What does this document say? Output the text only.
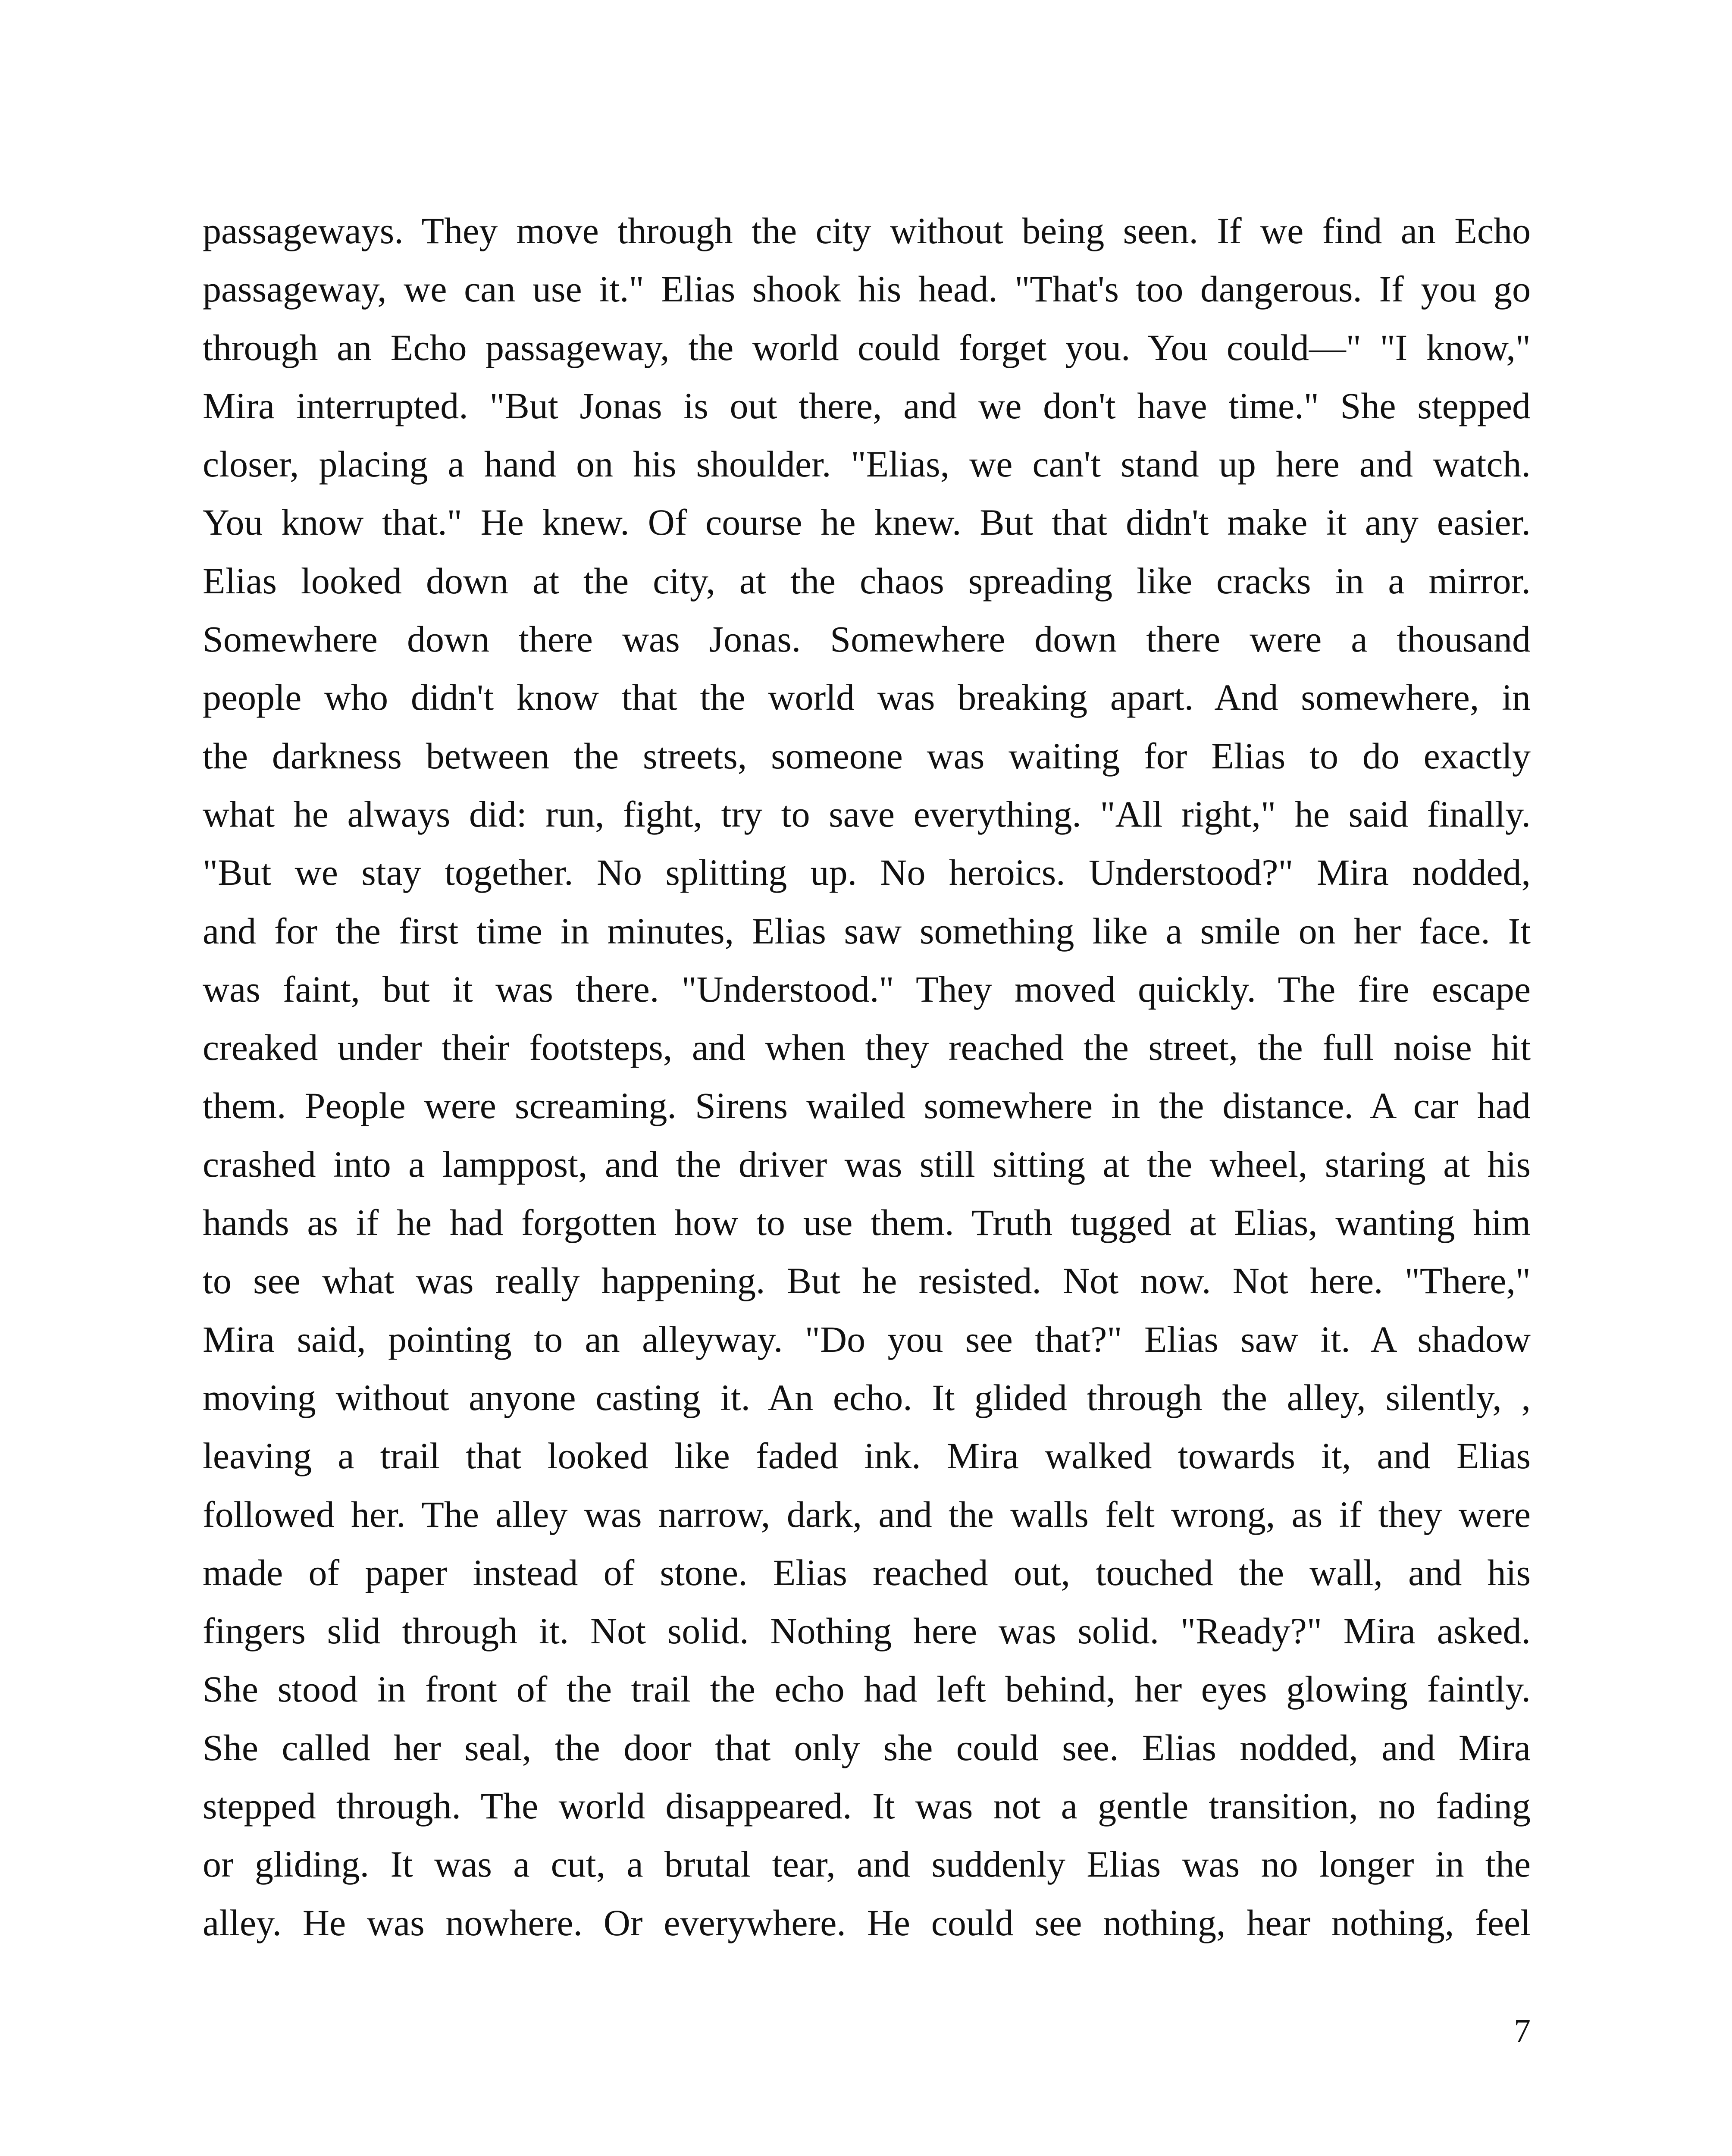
passageways. They move through the city without being seen. If we find an Echo
passageway, we can use it." Elias shook his head. "That's too dangerous. If you go
through an Echo passageway, the world could forget you. You could—" "I know,"
Mira interrupted. "But Jonas is out there, and we don't have time." She stepped
closer, placing a hand on his shoulder. "Elias, we can't stand up here and watch.
You know that." He knew. Of course he knew. But that didn't make it any easier.
Elias looked down at the city, at the chaos spreading like cracks in a mirror.
Somewhere down there was Jonas. Somewhere down there were a thousand
people who didn't know that the world was breaking apart. And somewhere, in
the darkness between the streets, someone was waiting for Elias to do exactly
what he always did: run, fight, try to save everything. "All right," he said finally.
"But we stay together. No splitting up. No heroics. Understood?" Mira nodded,
and for the first time in minutes, Elias saw something like a smile on her face. It
was faint, but it was there. "Understood." They moved quickly. The fire escape
creaked under their footsteps, and when they reached the street, the full noise hit
them. People were screaming. Sirens wailed somewhere in the distance. A car had
crashed into a lamppost, and the driver was still sitting at the wheel, staring at his
hands as if he had forgotten how to use them. Truth tugged at Elias, wanting him
to see what was really happening. But he resisted. Not now. Not here. "There,"
Mira said, pointing to an alleyway. "Do you see that?" Elias saw it. A shadow
moving without anyone casting it. An echo. It glided through the alley, silently, ,
leaving a trail that looked like faded ink. Mira walked towards it, and Elias
followed her. The alley was narrow, dark, and the walls felt wrong, as if they were
made of paper instead of stone. Elias reached out, touched the wall, and his
fingers slid through it. Not solid. Nothing here was solid. "Ready?" Mira asked.
She stood in front of the trail the echo had left behind, her eyes glowing faintly.
She called her seal, the door that only she could see. Elias nodded, and Mira
stepped through. The world disappeared. It was not a gentle transition, no fading
or gliding. It was a cut, a brutal tear, and suddenly Elias was no longer in the
alley. He was nowhere. Or everywhere. He could see nothing, hear nothing, feel
7
